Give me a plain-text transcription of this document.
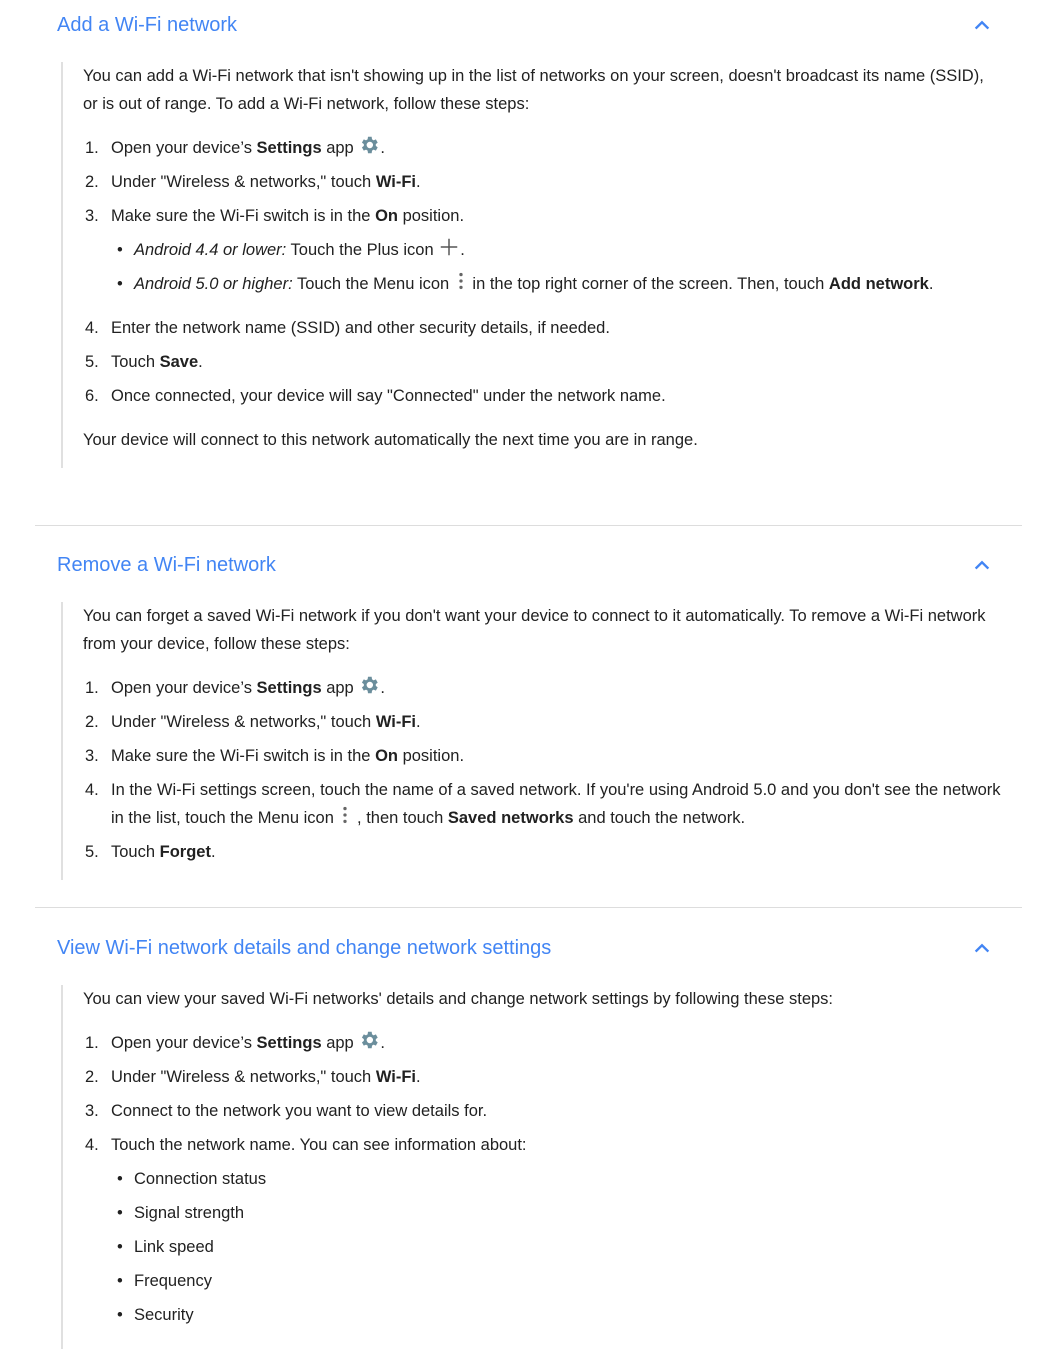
Add a Wi-Fi network

You can add a Wi-Fi network that isn't showing up in the list of networks on your screen, doesn't broadcast its name (SSID), or is out of range. To add a Wi-Fi network, follow these steps:

1. Open your device’s Settings app .
2. Under "Wireless & networks," touch Wi-Fi.
3. Make sure the Wi-Fi switch is in the On position.
• Android 4.4 or lower: Touch the Plus icon .
• Android 5.0 or higher: Touch the Menu icon  in the top right corner of the screen. Then, touch Add network.
4. Enter the network name (SSID) and other security details, if needed.
5. Touch Save.
6. Once connected, your device will say "Connected" under the network name.

Your device will connect to this network automatically the next time you are in range.

Remove a Wi-Fi network

You can forget a saved Wi-Fi network if you don't want your device to connect to it automatically. To remove a Wi-Fi network from your device, follow these steps:

1. Open your device’s Settings app .
2. Under "Wireless & networks," touch Wi-Fi.
3. Make sure the Wi-Fi switch is in the On position.
4. In the Wi-Fi settings screen, touch the name of a saved network. If you're using Android 5.0 and you don't see the network in the list, touch the Menu icon  , then touch Saved networks and touch the network.
5. Touch Forget.
View Wi-Fi network details and change network settings

You can view your saved Wi-Fi networks' details and change network settings by following these steps:

1. Open your device’s Settings app .
2. Under "Wireless & networks," touch Wi-Fi.
3. Connect to the network you want to view details for.
4. Touch the network name. You can see information about:
• Connection status
• Signal strength
• Link speed
• Frequency
• Security
